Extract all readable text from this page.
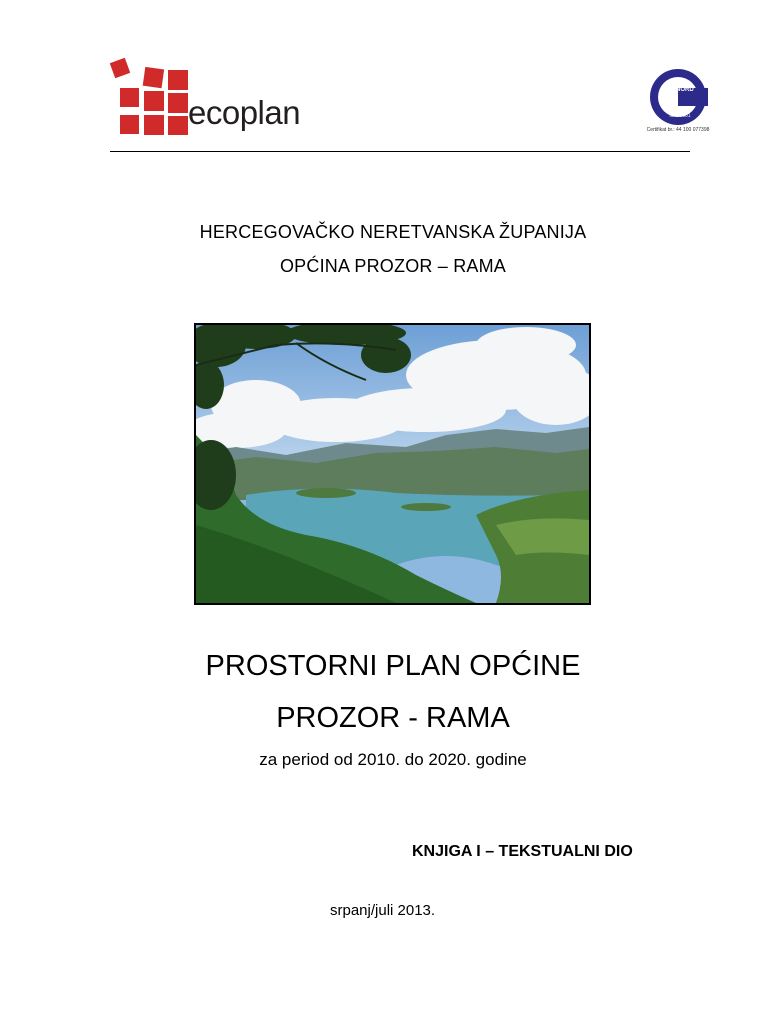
ecoplan
TÜV NORD
ISO 9001
Certifikat br.: 44 100 077398
HERCEGOVAČKO NERETVANSKA ŽUPANIJA
OPĆINA PROZOR – RAMA
PROSTORNI PLAN OPĆINE
PROZOR - RAMA
za period od 2010. do 2020. godine
KNJIGA I – TEKSTUALNI DIO
srpanj/juli 2013.
